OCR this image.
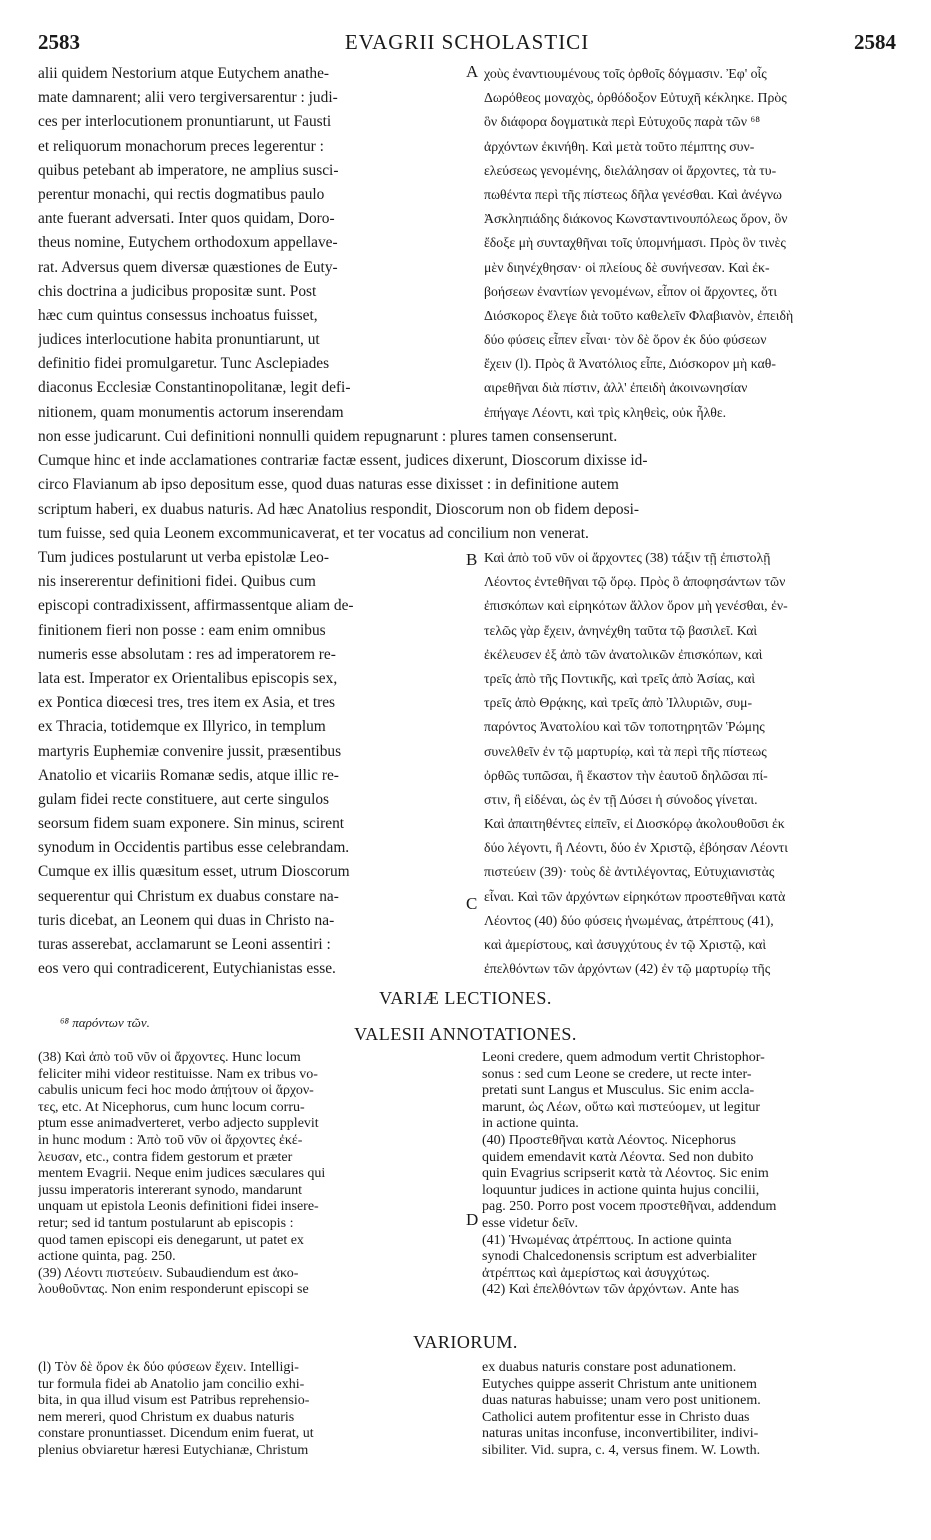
2583	EVAGRII SCHOLASTICI	2584
alii quidem Nestorium atque Eutychem anathe-
mate damnarent; alii vero tergiversarentur : judi-
ces per interlocutionem pronuntiarunt, ut Fausti
et reliquorum monachorum preces legerentur :
quibus petebant ab imperatore, ne amplius susci-
perentur monachi, qui rectis dogmatibus paulo
ante fuerant adversati. Inter quos quidam, Doro-
theus nomine, Eutychem orthodoxum appellave-
rat. Adversus quem diversæ quæstiones de Euty-
chis doctrina a judicibus propositæ sunt. Post
hæc cum quintus consessus inchoatus fuisset,
judices interlocutione habita pronuntiarunt, ut
definitio fidei promulgaretur. Tunc Asclepiades
diaconus Ecclesiæ Constantinopolitanæ, legit defi-
nitionem, quam monumentis actorum inserendam
A χοὺς ἐναντιουμένους τοῖς ὀρθοῖς δόγμασιν. Ἐφ' οἷς
Δωρόθεος μοναχὸς, ὀρθόδοξον Εὐτυχῆ κέκληκε. Πρὸς
ὃν διάφορα δογματικὰ περὶ Εὐτυχοῦς παρὰ τῶν ⁶⁸
ἀρχόντων ἐκινήθη. Καὶ μετὰ τοῦτο πέμπτης συν-
ελεύσεως γενομένης, διελάλησαν οἱ ἄρχοντες, τὰ τυ-
πωθέντα περὶ τῆς πίστεως δῆλα γενέσθαι. Καὶ ἀνέγνω
Ἀσκληπιάδης διάκονος Κωνσταντινουπόλεως ὅρον, ὃν
ἔδοξε μὴ συνταχθῆναι τοῖς ὑπομνήμασι. Πρὸς ὃν τινὲς
μὲν διηνέχθησαν· οἱ πλείους δὲ συνήνεσαν. Καὶ ἐκ-
βοήσεων ἐναντίων γενομένων, εἶπον οἱ ἄρχοντες, ὅτι
Διόσκορος ἔλεγε διὰ τοῦτο καθελεῖν Φλαβιανὸν, ἐπειδὴ
δύο φύσεις εἶπεν εἶναι· τὸν δὲ ὅρον ἐκ δύο φύσεων
ἔχειν (l). Πρὸς ἃ Ἀνατόλιος εἶπε, Διόσκορον μὴ καθ-
αιρεθῆναι διὰ πίστιν, ἀλλ' ἐπειδὴ ἀκοινωνησίαν
ἐπήγαγε Λέοντι, καὶ τρὶς κληθεὶς, οὐκ ἦλθε.
non esse judicarunt. Cui definitioni nonnulli quidem repugnarunt : plures tamen consenserunt.
Cumque hinc et inde acclamationes contrariæ factæ essent, judices dixerunt, Dioscorum dixisse id-
circo Flavianum ab ipso depositum esse, quod duas naturas esse dixisset : in definitione autem
scriptum haberi, ex duabus naturis. Ad hæc Anatolius respondit, Dioscorum non ob fidem deposi-
tum fuisse, sed quia Leonem excommunicaverat, et ter vocatus ad concilium non venerat.
Tum judices postularunt ut verba epistolæ Leo-
nis insererentur definitioni fidei. Quibus cum
episcopi contradixissent, affirmassentque aliam de-
finitionem fieri non posse : eam enim omnibus
numeris esse absolutam : res ad imperatorem re-
lata est. Imperator ex Orientalibus episcopis sex,
ex Pontica diœcesi tres, tres item ex Asia, et tres
ex Thracia, totidemque ex Illyrico, in templum
martyris Euphemiæ convenire jussit, præsentibus
Anatolio et vicariis Romanæ sedis, atque illic re-
gulam fidei recte constituere, aut certe singulos
seorsum fidem suam exponere. Sin minus, scirent
synodum in Occidentis partibus esse celebrandam.
Cumque ex illis quæsitum esset, utrum Dioscorum
sequerentur qui Christum ex duabus constare na-
turis dicebat, an Leonem qui duas in Christo na-
turas asserebat, acclamarunt se Leoni assentiri :
eos vero qui contradicerent, Eutychianistas esse.
B
C
Καὶ ἀπὸ τοῦ νῦν οἱ ἄρχοντες (38) τάξιν τῇ ἐπιστολῇ
Λέοντος ἐντεθῆναι τῷ ὅρῳ. Πρὸς ὃ ἀποφησάντων τῶν
ἐπισκόπων καὶ εἰρηκότων ἄλλον ὅρον μὴ γενέσθαι, ἐν-
τελῶς γὰρ ἔχειν, ἀνηνέχθη ταῦτα τῷ βασιλεῖ. Καὶ
ἐκέλευσεν ἐξ ἀπὸ τῶν ἀνατολικῶν ἐπισκόπων, καὶ
τρεῖς ἀπὸ τῆς Ποντικῆς, καὶ τρεῖς ἀπὸ Ἀσίας, καὶ
τρεῖς ἀπὸ Θρᾴκης, καὶ τρεῖς ἀπὸ Ἰλλυριῶν, συμ-
παρόντος Ἀνατολίου καὶ τῶν τοποτηρητῶν Ῥώμης
συνελθεῖν ἐν τῷ μαρτυρίῳ, καὶ τὰ περὶ τῆς πίστεως
ὀρθῶς τυπῶσαι, ἢ ἕκαστον τὴν ἑαυτοῦ δηλῶσαι πί-
στιν, ἢ εἰδέναι, ὡς ἐν τῇ Δύσει ἡ σύνοδος γίνεται.
Καὶ ἀπαιτηθέντες εἰπεῖν, εἰ Διοσκόρῳ ἀκολουθοῦσι ἐκ
δύο λέγοντι, ἢ Λέοντι, δύο ἐν Χριστῷ, ἐβόησαν Λέοντι
πιστεύειν (39)· τοὺς δὲ ἀντιλέγοντας, Εὐτυχιανιστὰς
εἶναι. Καὶ τῶν ἀρχόντων εἰρηκότων προστεθῆναι κατὰ
Λέοντος (40) δύο φύσεις ἡνωμένας, ἀτρέπτους (41),
καὶ ἀμερίστους, καὶ ἀσυγχύτους ἐν τῷ Χριστῷ, καὶ
ἐπελθόντων τῶν ἀρχόντων (42) ἐν τῷ μαρτυρίῳ τῆς
VARIÆ LECTIONES.
⁶⁸ παρόντων τῶν.
VALESII ANNOTATIONES.
(38) Καὶ ἀπὸ τοῦ νῦν οἱ ἄρχοντες. Hunc locum
feliciter mihi videor restituisse. Nam ex tribus vo-
cabulis unicum feci hoc modo ἀπῄτουν οἱ ἄρχον-
τες, etc. At Nicephorus, cum hunc locum corru-
ptum esse animadverteret, verbo adjecto supplevit
in hunc modum : Ἀπὸ τοῦ νῦν οἱ ἄρχοντες ἐκέ-
λευσαν, etc., contra fidem gestorum et præter
mentem Evagrii. Neque enim judices sæculares qui
jussu imperatoris intererant synodo, mandarunt
unquam ut epistola Leonis definitioni fidei insere-
retur; sed id tantum postularunt ab episcopis :
quod tamen episcopi eis denegarunt, ut patet ex
actione quinta, pag. 250.
(39) Λέοντι πιστεύειν. Subaudiendum est ἀκο-
λουθοῦντας. Non enim responderunt episcopi se
D
Leoni credere, quem admodum vertit Christophor-
sonus : sed cum Leone se credere, ut recte inter-
pretati sunt Langus et Musculus. Sic enim accla-
marunt, ὡς Λέων, οὕτω καὶ πιστεύομεν, ut legitur
in actione quinta.
(40) Προστεθῆναι κατὰ Λέοντος. Nicephorus
quidem emendavit κατὰ Λέοντα. Sed non dubito
quin Evagrius scripserit κατὰ τὰ Λέοντος. Sic enim
loquuntur judices in actione quinta hujus concilii,
pag. 250. Porro post vocem προστεθῆναι, addendum
esse videtur δεῖν.
(41) Ἡνωμένας ἀτρέπτους. In actione quinta
synodi Chalcedonensis scriptum est adverbialiter
ἀτρέπτως καὶ ἀμερίστως καὶ ἀσυγχύτως.
(42) Καὶ ἐπελθόντων τῶν ἀρχόντων. Ante has
VARIORUM.
(l) Τὸν δὲ ὅρον ἐκ δύο φύσεων ἔχειν. Intelligi-
tur formula fidei ab Anatolio jam concilio exhi-
bita, in qua illud visum est Patribus reprehensio-
nem mereri, quod Christum ex duabus naturis
constare pronuntiasset. Dicendum enim fuerat, ut
plenius obviaretur hæresi Eutychianæ, Christum
ex duabus naturis constare post adunationem.
Eutyches quippe asserit Christum ante unitionem
duas naturas habuisse; unam vero post unitionem.
Catholici autem profitentur esse in Christo duas
naturas unitas inconfuse, inconvertibiliter, indivi-
sibiliter. Vid. supra, c. 4, versus finem. W. Lowth.
